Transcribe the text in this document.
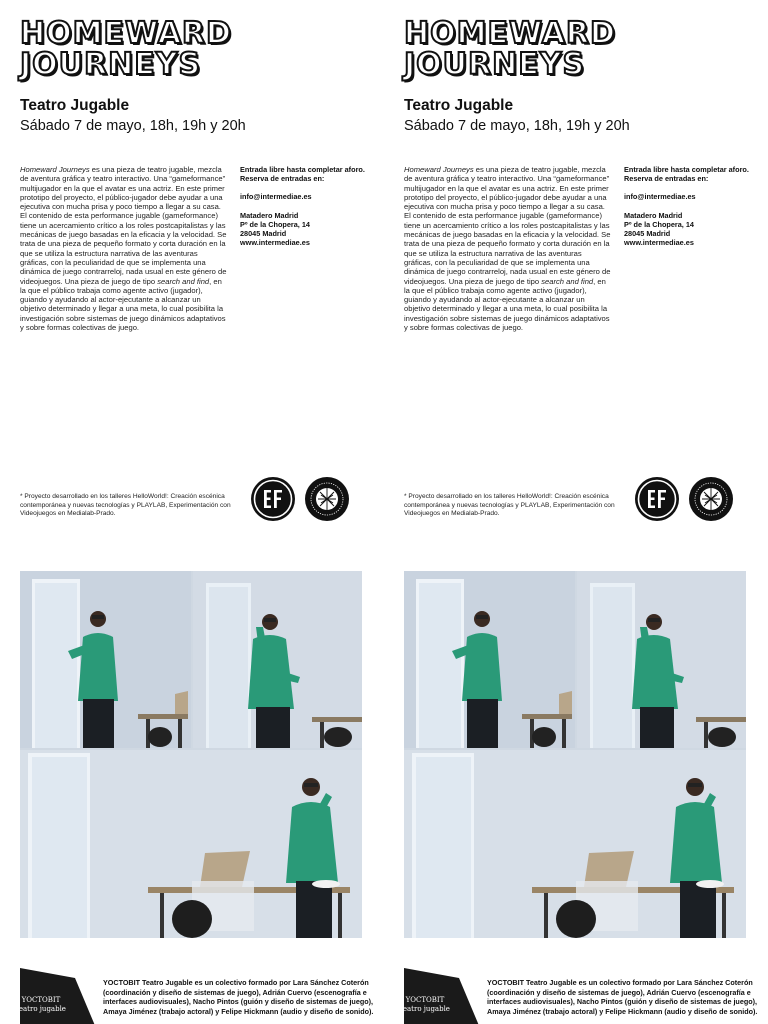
HOMEWARD
JOURNEYS

Teatro Jugable

Sábado 7 de mayo, 18h, 19h y 20h

Homeward Journeys es una pieza de teatro jugable, mezcla de aventura gráfica y teatro interactivo. Una “gameformance” multijugador en la que el avatar es una actriz. En este primer prototipo del proyecto, el público-jugador debe ayudar a una ejecutiva con mucha prisa y poco tiempo a llegar a su casa. El contenido de esta performance jugable (gameformance) tiene un acercamiento crítico a los roles postcapitalistas y las mecánicas de juego basadas en la eficacia y la velocidad. Se trata de una pieza de pequeño formato y corta duración en la que se utiliza la estructura narrativa de las aventuras gráficas, con la peculiaridad de que se implementa una dinámica de juego contrarreloj, nada usual en este género de videojuegos. Una pieza de juego de tipo search and find, en la que el público trabaja como agente activo (jugador), guiando y ayudando al actor-ejecutante a alcanzar un objetivo determinado y llegar a una meta, lo cual posibilita la investigación sobre sistemas de juego dinámicos adaptativos y sobre formas colectivas de juego.

Entrada libre hasta completar aforo. Reserva de entradas en:

info@intermediae.es

Matadero Madrid
Pº de la Chopera, 14
28045 Madrid
www.intermediae.es

* Proyecto desarrollado en los talleres HelloWorld!: Creación escénica contemporánea y nuevas tecnologías y PLAYLAB, Experimentación con Videojuegos en Medialab-Prado.

YOCTOBIT
teatro jugable

YOCTOBIT Teatro Jugable es un colectivo formado por Lara Sánchez Coterón (coordinación y diseño de sistemas de juego), Adrián Cuervo (escenografía e interfaces audiovisuales), Nacho Pintos (guión y diseño de sistemas de juego), Amaya Jiménez (trabajo actoral) y Felipe Hickmann (audio y diseño de sonido).

HOMEWARD
JOURNEYS

Teatro Jugable

Sábado 7 de mayo, 18h, 19h y 20h

Homeward Journeys es una pieza de teatro jugable, mezcla de aventura gráfica y teatro interactivo. Una “gameformance” multijugador en la que el avatar es una actriz. En este primer prototipo del proyecto, el público-jugador debe ayudar a una ejecutiva con mucha prisa y poco tiempo a llegar a su casa. El contenido de esta performance jugable (gameformance) tiene un acercamiento crítico a los roles postcapitalistas y las mecánicas de juego basadas en la eficacia y la velocidad. Se trata de una pieza de pequeño formato y corta duración en la que se utiliza la estructura narrativa de las aventuras gráficas, con la peculiaridad de que se implementa una dinámica de juego contrarreloj, nada usual en este género de videojuegos. Una pieza de juego de tipo search and find, en la que el público trabaja como agente activo (jugador), guiando y ayudando al actor-ejecutante a alcanzar un objetivo determinado y llegar a una meta, lo cual posibilita la investigación sobre sistemas de juego dinámicos adaptativos y sobre formas colectivas de juego.

Entrada libre hasta completar aforo. Reserva de entradas en:

info@intermediae.es

Matadero Madrid
Pº de la Chopera, 14
28045 Madrid
www.intermediae.es

* Proyecto desarrollado en los talleres HelloWorld!: Creación escénica contemporánea y nuevas tecnologías y PLAYLAB, Experimentación con Videojuegos en Medialab-Prado.

YOCTOBIT
teatro jugable

YOCTOBIT Teatro Jugable es un colectivo formado por Lara Sánchez Coterón (coordinación y diseño de sistemas de juego), Adrián Cuervo (escenografía e interfaces audiovisuales), Nacho Pintos (guión y diseño de sistemas de juego), Amaya Jiménez (trabajo actoral) y Felipe Hickmann (audio y diseño de sonido).
